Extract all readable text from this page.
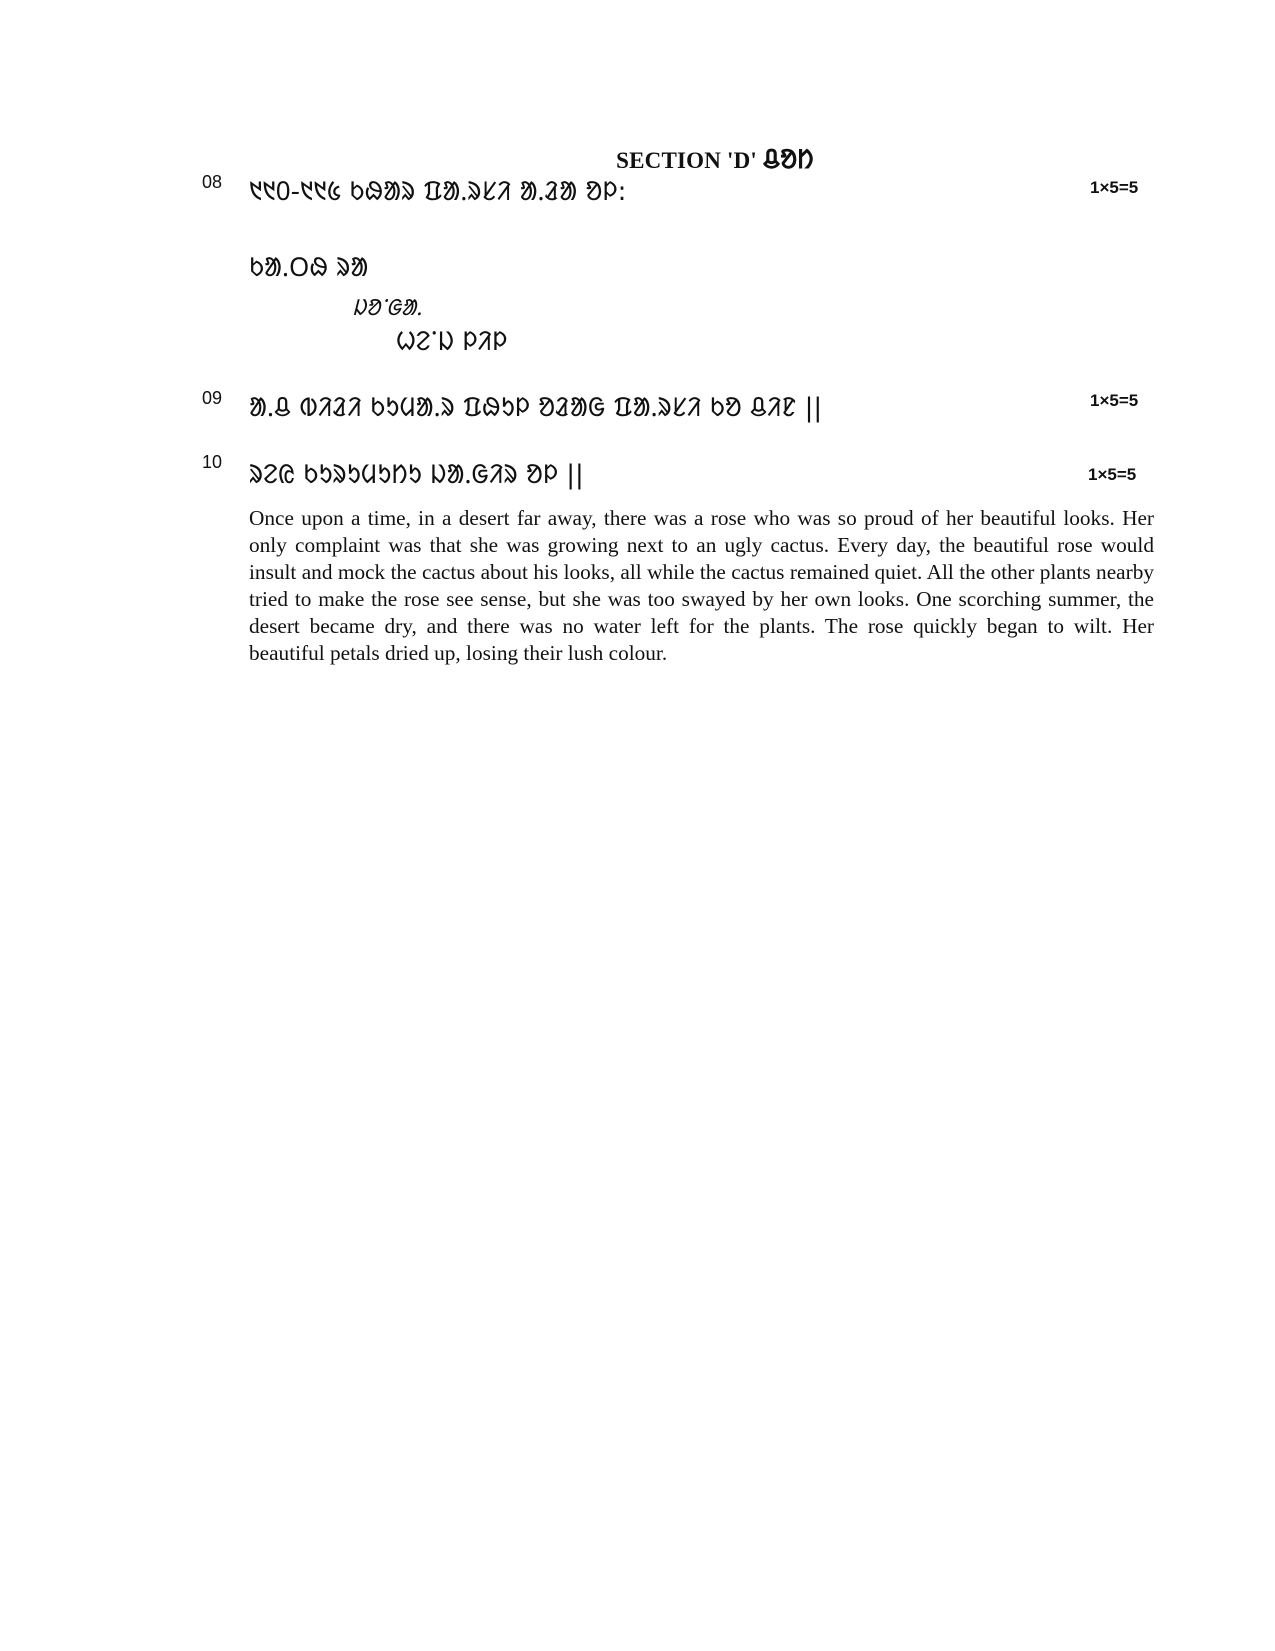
SECTION 'D' ᱪᱚᱴ
08 ᱑᱑᱐-᱑᱑᱕ ᱠᱷᱟᱨ ᱯᱟᱹᱨᱥᱤ ᱟᱹᱲᱟ ᱚᱞ:	1×5=5
ᱠᱟᱹᱛᱷ ᱨᱟ
ᱡᱚᱸᱜᱟᱹ
ᱦᱮᱸᱡ ᱞᱤᱞ
09 ᱟᱹᱪ ᱵᱤᱲᱤ ᱠᱩᱢᱟᱹᱨ ᱯᱷᱩᱞ ᱚᱲᱟᱜ ᱯᱟᱹᱨᱥᱤ ᱠᱚ ᱪᱤᱱ ||	1×5=5
10 ᱨᱮᱭ ᱠᱩᱨᱩᱢᱩᱴᱩ ᱡᱟᱹᱜᱤᱨ ᱚᱞ ||	1×5=5
Once upon a time, in a desert far away, there was a rose who was so proud of her beautiful looks. Her only complaint was that she was growing next to an ugly cactus. Every day, the beautiful rose would insult and mock the cactus about his looks, all while the cactus remained quiet. All the other plants nearby tried to make the rose see sense, but she was too swayed by her own looks. One scorching summer, the desert became dry, and there was no water left for the plants. The rose quickly began to wilt. Her beautiful petals dried up, losing their lush colour.
